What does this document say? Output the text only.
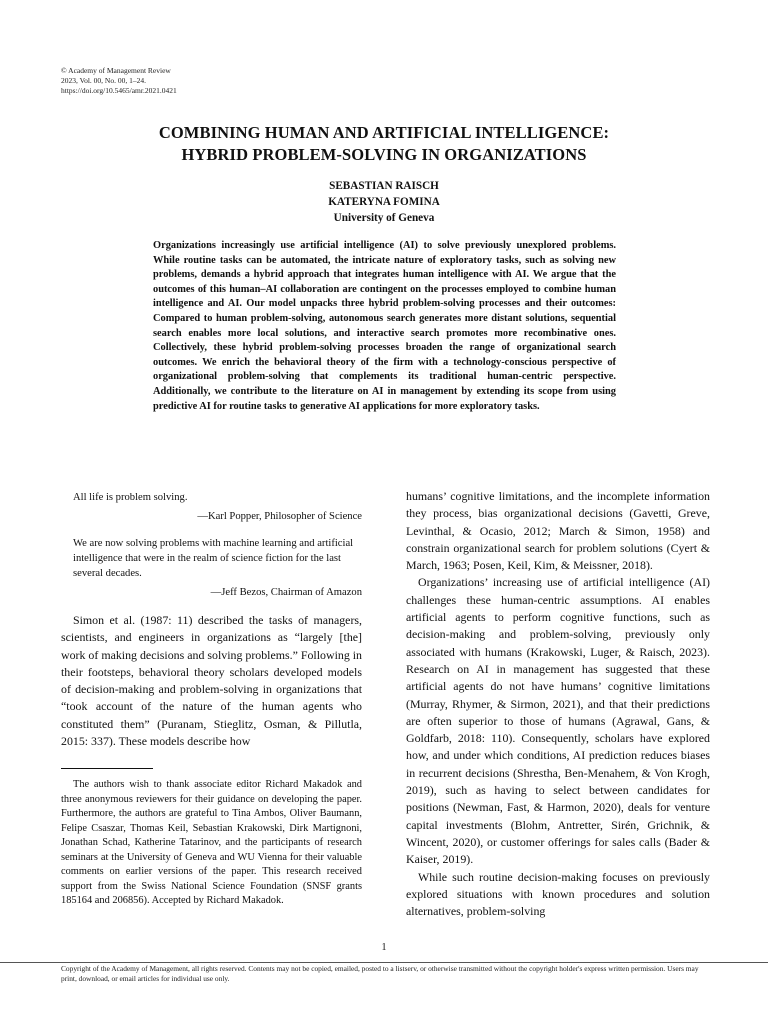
© Academy of Management Review
2023, Vol. 00, No. 00, 1–24.
https://doi.org/10.5465/amr.2021.0421
COMBINING HUMAN AND ARTIFICIAL INTELLIGENCE:
HYBRID PROBLEM-SOLVING IN ORGANIZATIONS
SEBASTIAN RAISCH
KATERYNA FOMINA
University of Geneva
Organizations increasingly use artificial intelligence (AI) to solve previously unexplored problems. While routine tasks can be automated, the intricate nature of exploratory tasks, such as solving new problems, demands a hybrid approach that integrates human intelligence with AI. We argue that the outcomes of this human–AI collaboration are contingent on the processes employed to combine human intelligence and AI. Our model unpacks three hybrid problem-solving processes and their outcomes: Compared to human problem-solving, autonomous search generates more distant solutions, sequential search enables more local solutions, and interactive search promotes more recombinative ones. Collectively, these hybrid problem-solving processes broaden the range of organizational search outcomes. We enrich the behavioral theory of the firm with a technology-conscious perspective of organizational problem-solving that complements its traditional human-centric perspective. Additionally, we contribute to the literature on AI in management by extending its scope from using predictive AI for routine tasks to generative AI applications for more exploratory tasks.
All life is problem solving.
—Karl Popper, Philosopher of Science
We are now solving problems with machine learning and artificial intelligence that were in the realm of science fiction for the last several decades.
—Jeff Bezos, Chairman of Amazon

Simon et al. (1987: 11) described the tasks of managers, scientists, and engineers in organizations as “largely [the] work of making decisions and solving problems.” Following in their footsteps, behavioral theory scholars developed models of decision-making and problem-solving in organizations that “took account of the nature of the human agents who constituted them” (Puranam, Stieglitz, Osman, & Pillutla, 2015: 337). These models describe how

The authors wish to thank associate editor Richard Makadok and three anonymous reviewers for their guidance on developing the paper. Furthermore, the authors are grateful to Tina Ambos, Oliver Baumann, Felipe Csaszar, Thomas Keil, Sebastian Krakowski, Dirk Martignoni, Jonathan Schad, Katherine Tatarinov, and the participants of research seminars at the University of Geneva and WU Vienna for their valuable comments on earlier versions of the paper. This research received support from the Swiss National Science Foundation (SNSF grants 185164 and 206856). Accepted by Richard Makadok.

humans’ cognitive limitations, and the incomplete information they process, bias organizational decisions (Gavetti, Greve, Levinthal, & Ocasio, 2012; March & Simon, 1958) and constrain organizational search for problem solutions (Cyert & March, 1963; Posen, Keil, Kim, & Meissner, 2018).

Organizations’ increasing use of artificial intelligence (AI) challenges these human-centric assumptions. AI enables artificial agents to perform cognitive functions, such as decision-making and problem-solving, previously only associated with humans (Krakowski, Luger, & Raisch, 2023). Research on AI in management has suggested that these artificial agents do not have humans’ cognitive limitations (Murray, Rhymer, & Sirmon, 2021), and that their predictions are often superior to those of humans (Agrawal, Gans, & Goldfarb, 2018: 110). Consequently, scholars have explored how, and under which conditions, AI prediction reduces biases in recurrent decisions (Shrestha, Ben-Menahem, & Von Krogh, 2019), such as having to select between candidates for positions (Newman, Fast, & Harmon, 2020), deals for venture capital investments (Blohm, Antretter, Sirén, Grichnik, & Wincent, 2020), or customer offerings for sales calls (Bader & Kaiser, 2019).

While such routine decision-making focuses on previously explored situations with known procedures and solution alternatives, problem-solving

1
Copyright of the Academy of Management, all rights reserved. Contents may not be copied, emailed, posted to a listserv, or otherwise transmitted without the copyright holder's express written permission. Users may print, download, or email articles for individual use only.
